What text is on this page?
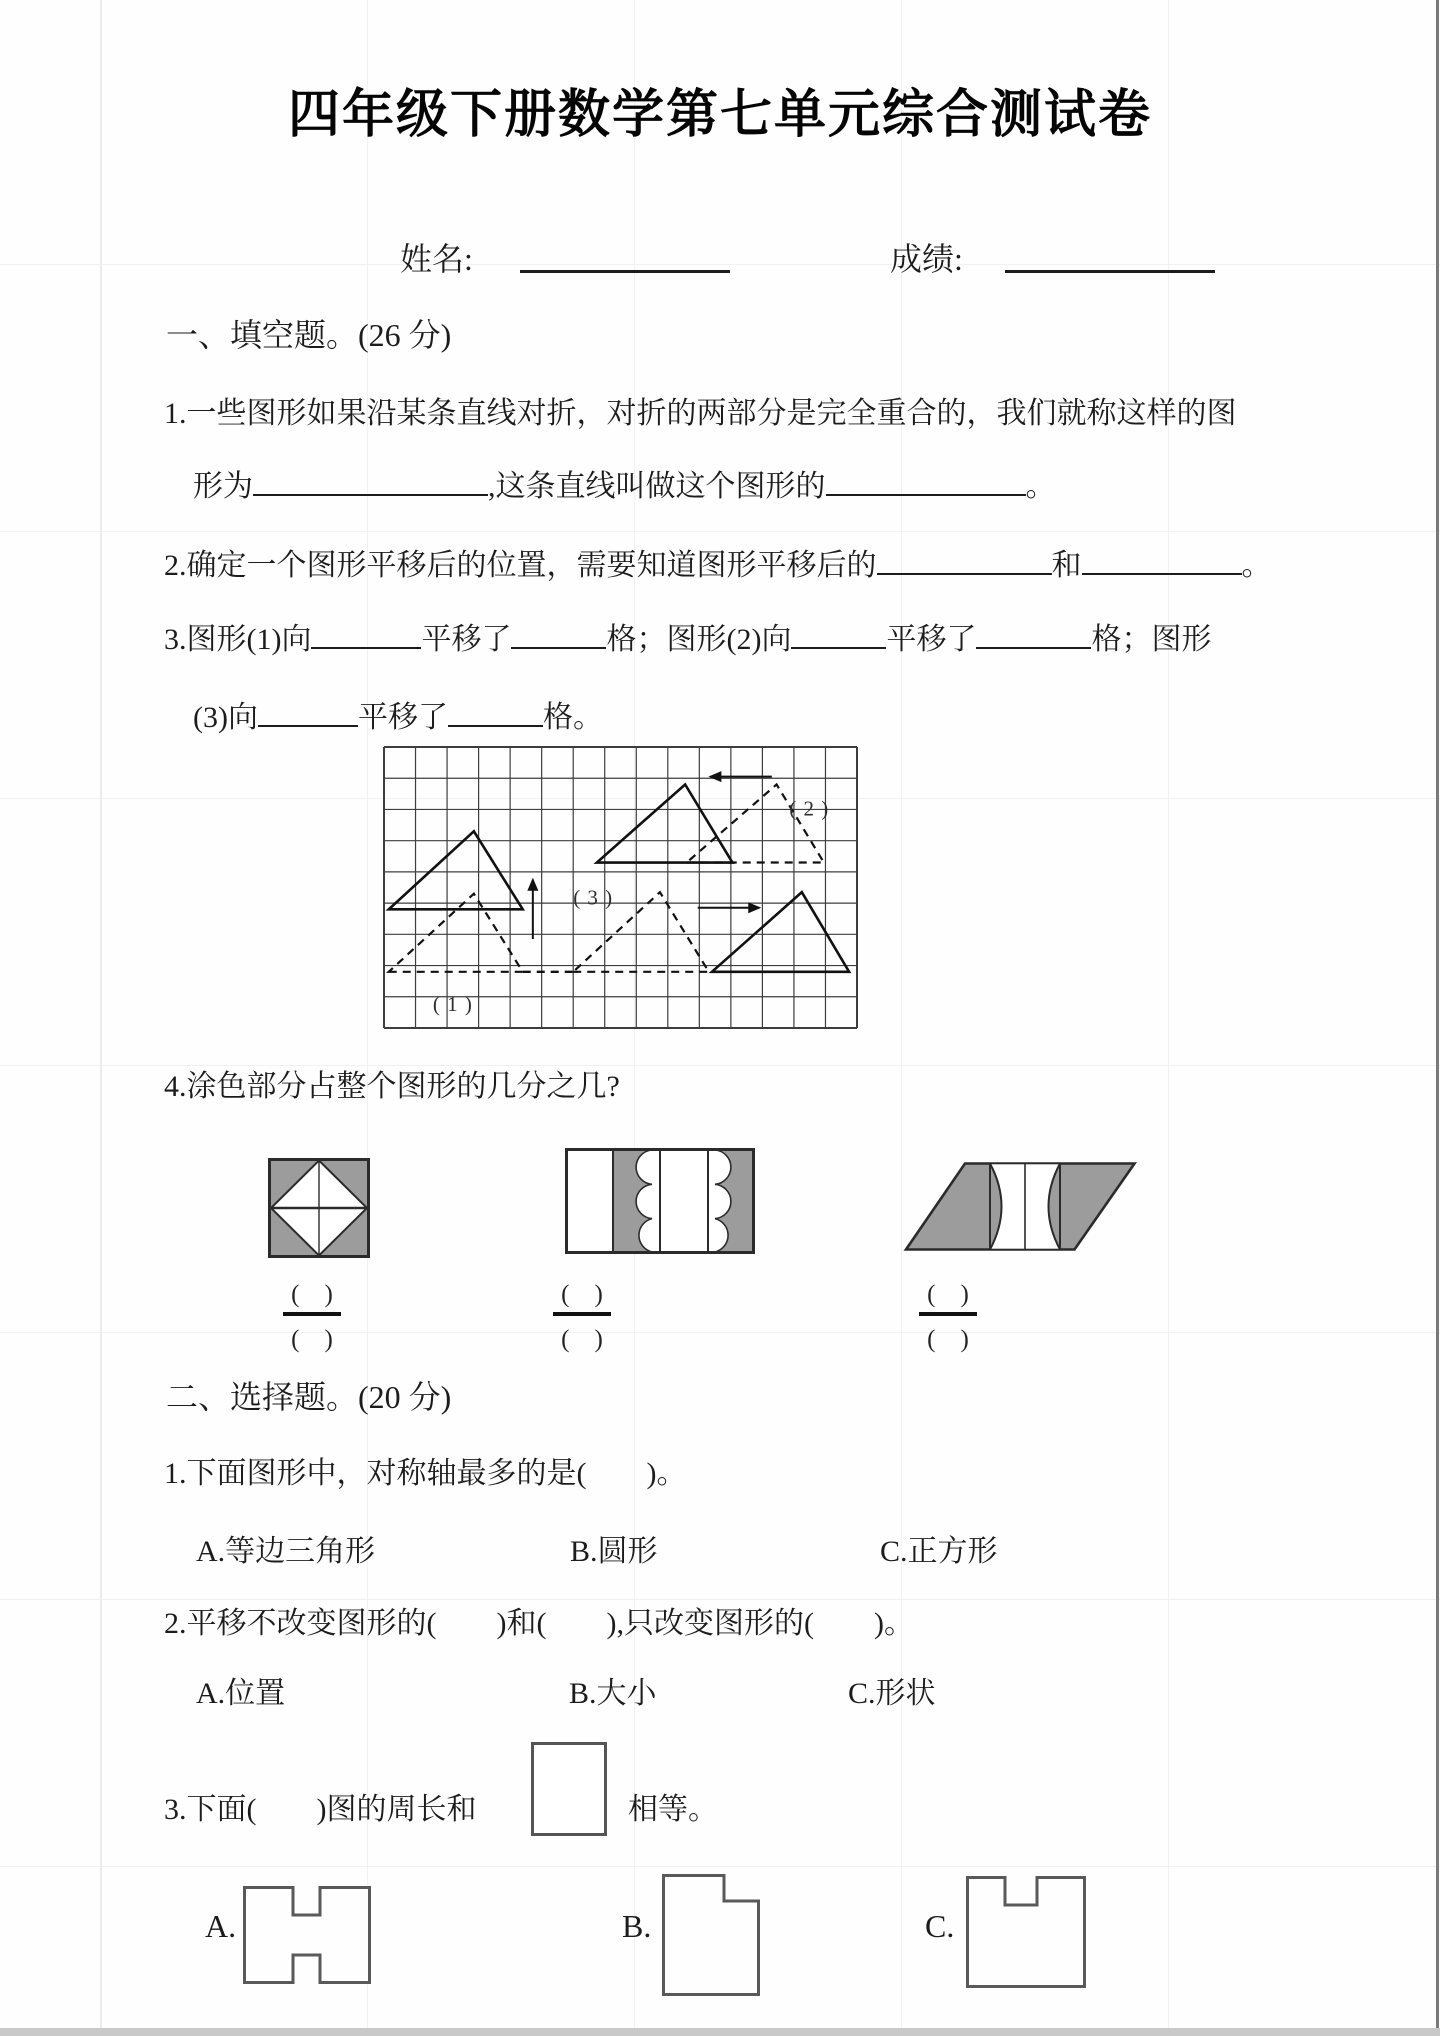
四年级下册数学第七单元综合测试卷
姓名:	成绩:
一、填空题。(26 分)
1.一些图形如果沿某条直线对折，对折的两部分是完全重合的，我们就称这样的图
形为	,这条直线叫做这个图形的	。
2.确定一个图形平移后的位置，需要知道图形平移后的	和	。
3.图形(1)向	平移了	格；图形(2)向	平移了	格；图形
(3)向	平移了	格。
( 1 )
( 2 )
( 3 )
4.涂色部分占整个图形的几分之几?
(　)
(　)
(　)
(　)
(　)
(　)
二、选择题。(20 分)
1.下面图形中，对称轴最多的是(　　)。
A.等边三角形	B.圆形	C.正方形
2.平移不改变图形的(　　)和(　　),只改变图形的(　　)。
A.位置	B.大小	C.形状
3.下面(　　)图的周长和	相等。
A.	B.	C.
